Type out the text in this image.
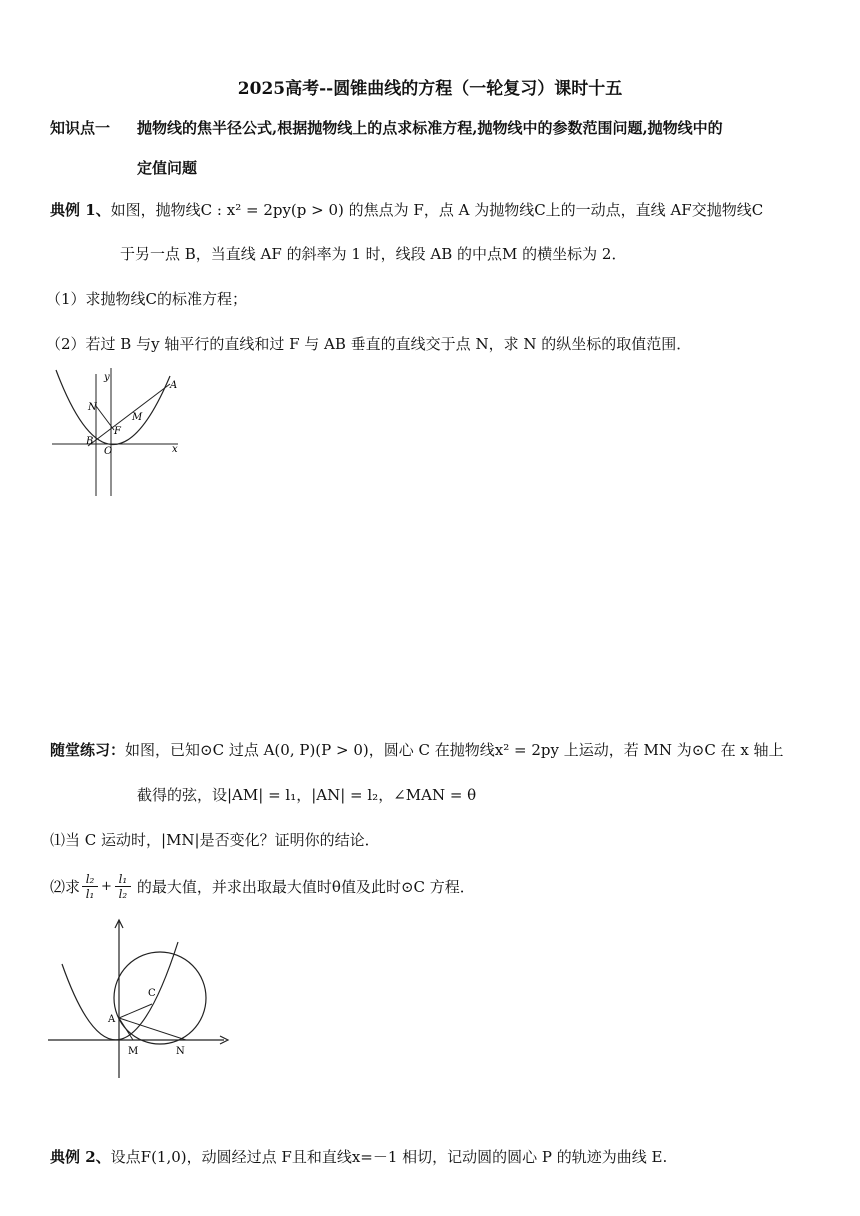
2025高考--圆锥曲线的方程（一轮复习）课时十五
知识点一 抛物线的焦半径公式,根据抛物线上的点求标准方程,抛物线中的参数范围问题,抛物线中的
定值问题
典例 1、如图，抛物线C : x² = 2py(p > 0) 的焦点为 F，点 A 为抛物线C上的一动点，直线 AF交抛物线C
于另一点 B，当直线 AF 的斜率为 1 时，线段 AB 的中点M 的横坐标为 2．
（1）求抛物线C的标准方程；
（2）若过 B 与y 轴平行的直线和过 F 与 AB 垂直的直线交于点 N，求 N 的纵坐标的取值范围．
A
N
M
F
B
O	x
y
随堂练习：如图，已知⊙C 过点 A(0, P)(P > 0)，圆心 C 在抛物线x² = 2py 上运动，若 MN 为⊙C 在 x 轴上
截得的弦，设|AM| = l₁，|AN| = l₂，∠MAN = θ
⑴当 C 运动时，|MN|是否变化？证明你的结论．
⑵求 l₂
l₁ + l₁
l₂ 的最大值，并求出取最大值时θ值及此时⊙C 方程．
A
C
M	N
典例 2、设点F(1,0)，动圆经过点 F且和直线x=－1 相切，记动圆的圆心 P 的轨迹为曲线 E.
